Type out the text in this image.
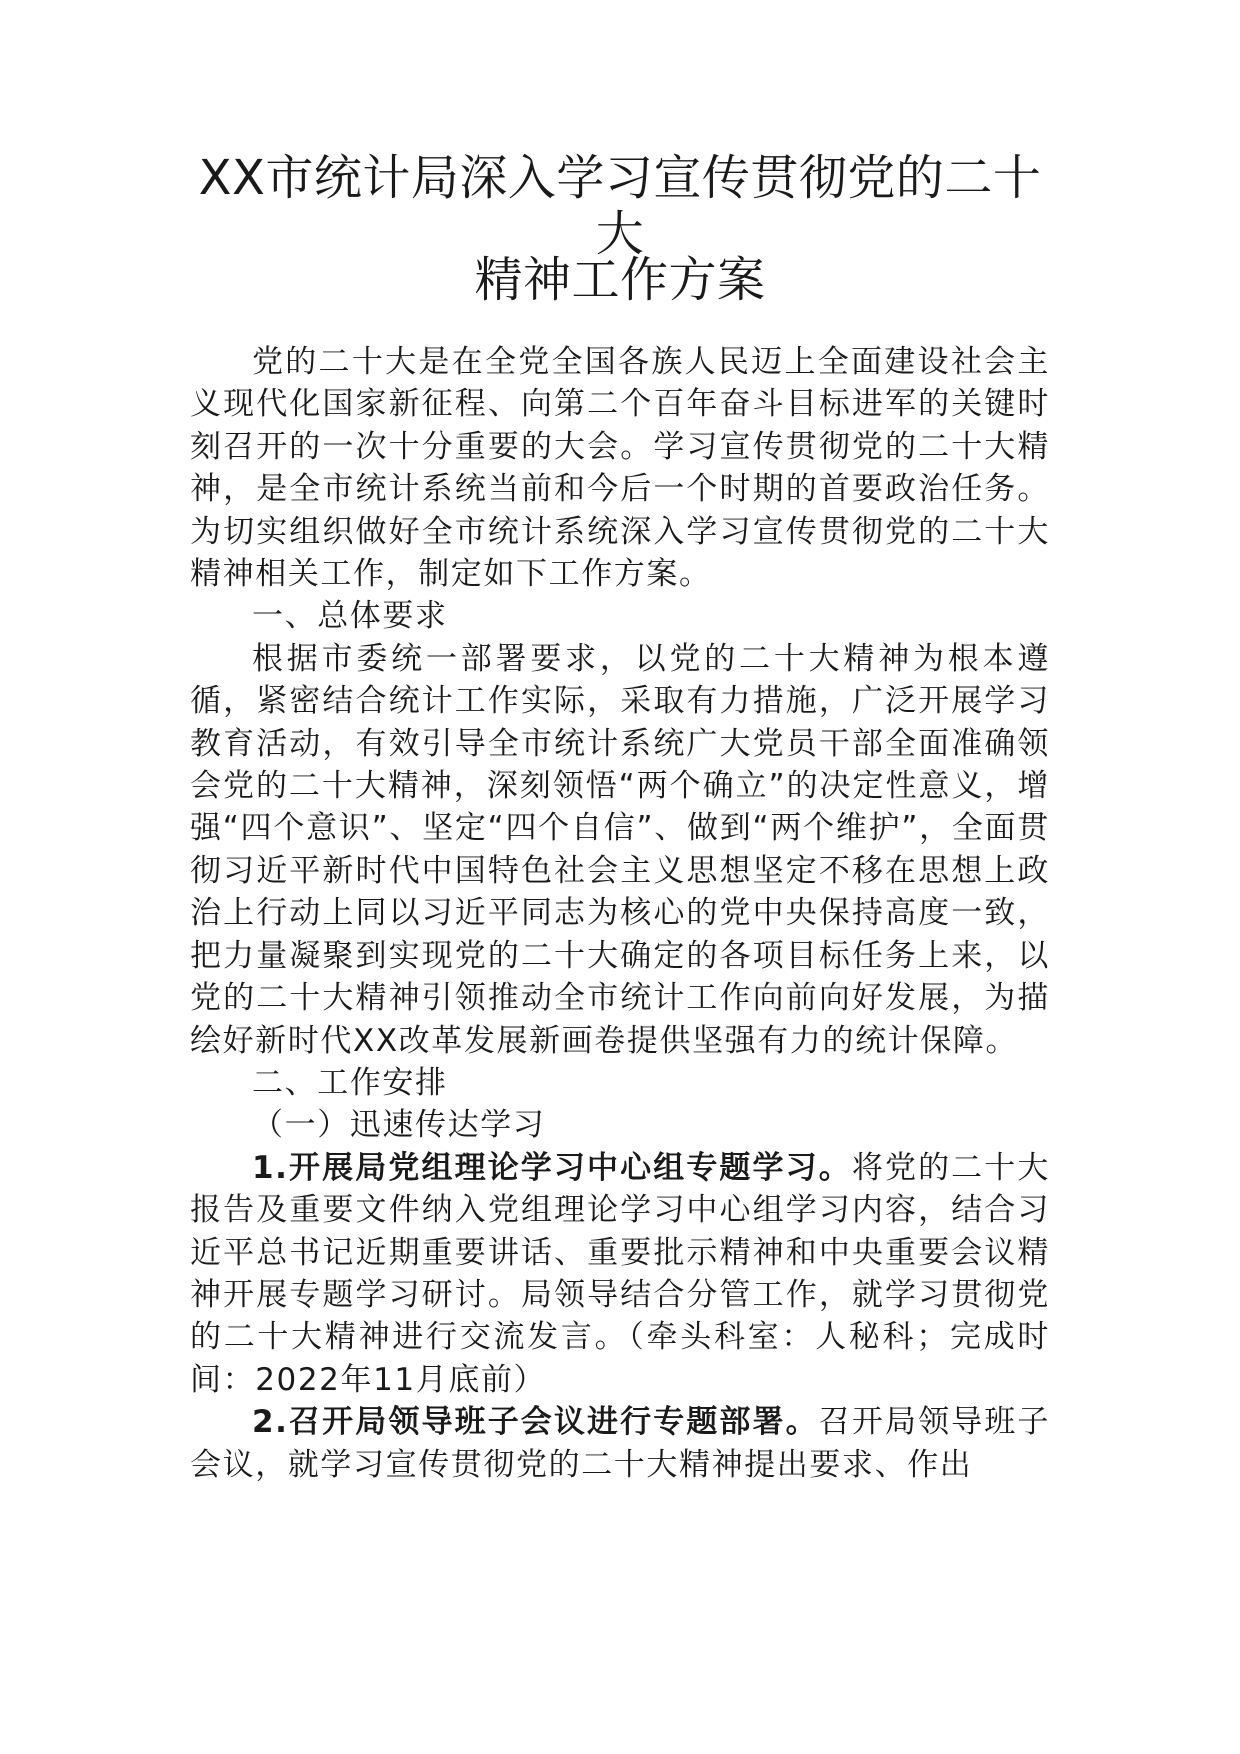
XX市统计局深入学习宣传贯彻党的二十大
精神工作方案

党的二十大是在全党全国各族人民迈上全面建设社会主义现代化国家新征程、向第二个百年奋斗目标进军的关键时刻召开的一次十分重要的大会。学习宣传贯彻党的二十大精神，是全市统计系统当前和今后一个时期的首要政治任务。为切实组织做好全市统计系统深入学习宣传贯彻党的二十大精神相关工作，制定如下工作方案。

一、总体要求

根据市委统一部署要求，以党的二十大精神为根本遵循，紧密结合统计工作实际，采取有力措施，广泛开展学习教育活动，有效引导全市统计系统广大党员干部全面准确领会党的二十大精神，深刻领悟“两个确立”的决定性意义，增强“四个意识”、坚定“四个自信”、做到“两个维护”，全面贯彻习近平新时代中国特色社会主义思想坚定不移在思想上政治上行动上同以习近平同志为核心的党中央保持高度一致，把力量凝聚到实现党的二十大确定的各项目标任务上来，以党的二十大精神引领推动全市统计工作向前向好发展，为描绘好新时代XX改革发展新画卷提供坚强有力的统计保障。

二、工作安排

（一）迅速传达学习

1.开展局党组理论学习中心组专题学习。将党的二十大报告及重要文件纳入党组理论学习中心组学习内容，结合习近平总书记近期重要讲话、重要批示精神和中央重要会议精神开展专题学习研讨。局领导结合分管工作，就学习贯彻党的二十大精神进行交流发言。（牵头科室：人秘科；完成时间：2022年11月底前）

2.召开局领导班子会议进行专题部署。召开局领导班子会议，就学习宣传贯彻党的二十大精神提出要求、作出
